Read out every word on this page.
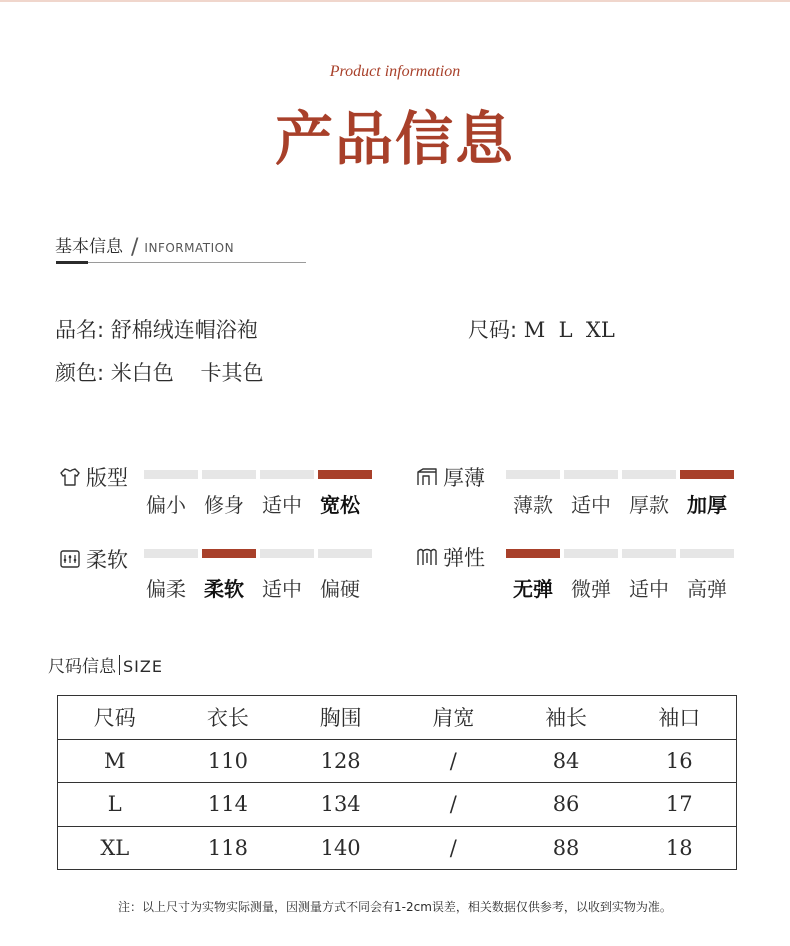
Product information
产品信息
基本信息 / INFORMATION
品名: 舒棉绒连帽浴袍	尺码: M  L  XL
颜色: 米白色 卡其色
版型
偏小 修身 适中 宽松
厚薄
薄款 适中 厚款 加厚
柔软
偏柔 柔软 适中 偏硬
弹性
无弹 微弹 适中 高弹
尺码信息 SIZE
尺码	衣长	胸围	肩宽	袖长	袖口
M	110	128	/	84	16
L	114	134	/	86	17
XL	118	140	/	88	18
注：以上尺寸为实物实际测量，因测量方式不同会有1-2cm误差，相关数据仅供参考，以收到实物为准。
